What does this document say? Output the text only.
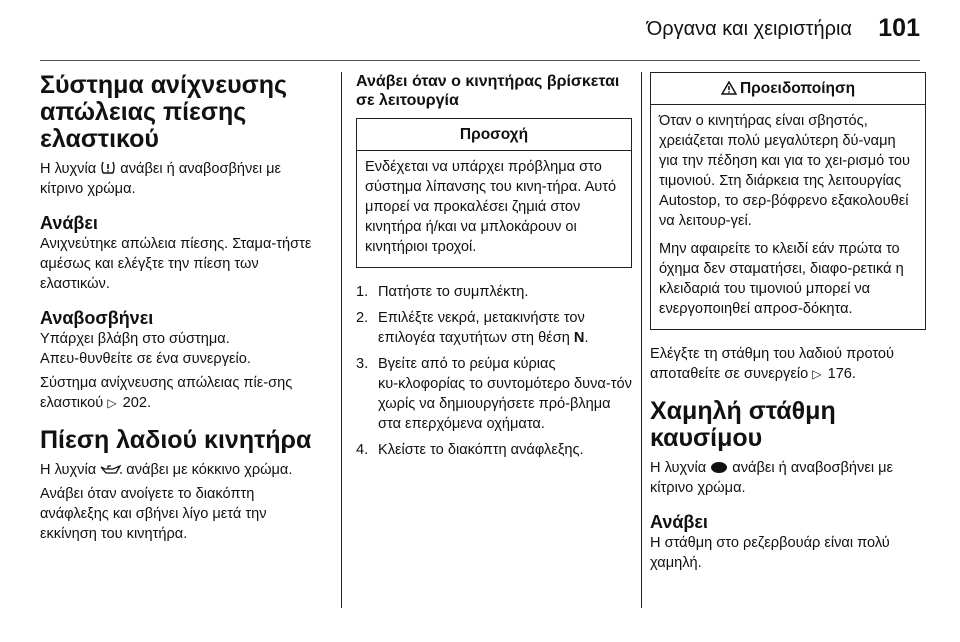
Όργανα και χειριστήρια 101
Σύστημα ανίχνευσης απώλειας πίεσης ελαστικού

Η λυχνία ανάβει ή αναβοσβήνει με κίτρινο χρώμα.

Ανάβει

Ανιχνεύτηκε απώλεια πίεσης. Σταμα‑τήστε αμέσως και ελέγξτε την πίεση των ελαστικών.

Αναβοσβήνει

Υπάρχει βλάβη στο σύστημα. Απευ‑θυνθείτε σε ένα συνεργείο.

Σύστημα ανίχνευσης απώλειας πίε‑σης ελαστικού ▷ 202.

Πίεση λαδιού κινητήρα

Η λυχνία ανάβει με κόκκινο χρώμα.

Ανάβει όταν ανοίγετε το διακόπτη ανάφλεξης και σβήνει λίγο μετά την εκκίνηση του κινητήρα.

Ανάβει όταν ο κινητήρας βρίσκεται σε λειτουργία
Προσοχή

Ενδέχεται να υπάρχει πρόβλημα στο σύστημα λίπανσης του κινη‑τήρα. Αυτό μπορεί να προκαλέσει ζημιά στον κινητήρα ή/και να μπλοκάρουν οι κινητήριοι τροχοί.

1. Πατήστε το συμπλέκτη.
2. Επιλέξτε νεκρά, μετακινήστε τον επιλογέα ταχυτήτων στη θέση N.
3. Βγείτε από το ρεύμα κύριας κυ‑κλοφορίας το συντομότερο δυνα‑τόν χωρίς να δημιουργήσετε πρό‑βλημα στα επερχόμενα οχήματα.
4. Κλείστε το διακόπτη ανάφλεξης.
Προειδοποίηση

Όταν ο κινητήρας είναι σβηστός, χρειάζεται πολύ μεγαλύτερη δύ‑ναμη για την πέδηση και για το χει‑ρισμό του τιμονιού. Στη διάρκεια της λειτουργίας Autostop, το σερ‑βόφρενο εξακολουθεί να λειτουρ‑γεί.

Μην αφαιρείτε το κλειδί εάν πρώτα το όχημα δεν σταματήσει, διαφο‑ρετικά η κλειδαριά του τιμονιού μπορεί να ενεργοποιηθεί απροσ‑δόκητα.

Ελέγξτε τη στάθμη του λαδιού προτού αποταθείτε σε συνεργείο ▷ 176.

Χαμηλή στάθμη καυσίμου

Η λυχνία ανάβει ή αναβοσβήνει με κίτρινο χρώμα.

Ανάβει

Η στάθμη στο ρεζερβουάρ είναι πολύ χαμηλή.
